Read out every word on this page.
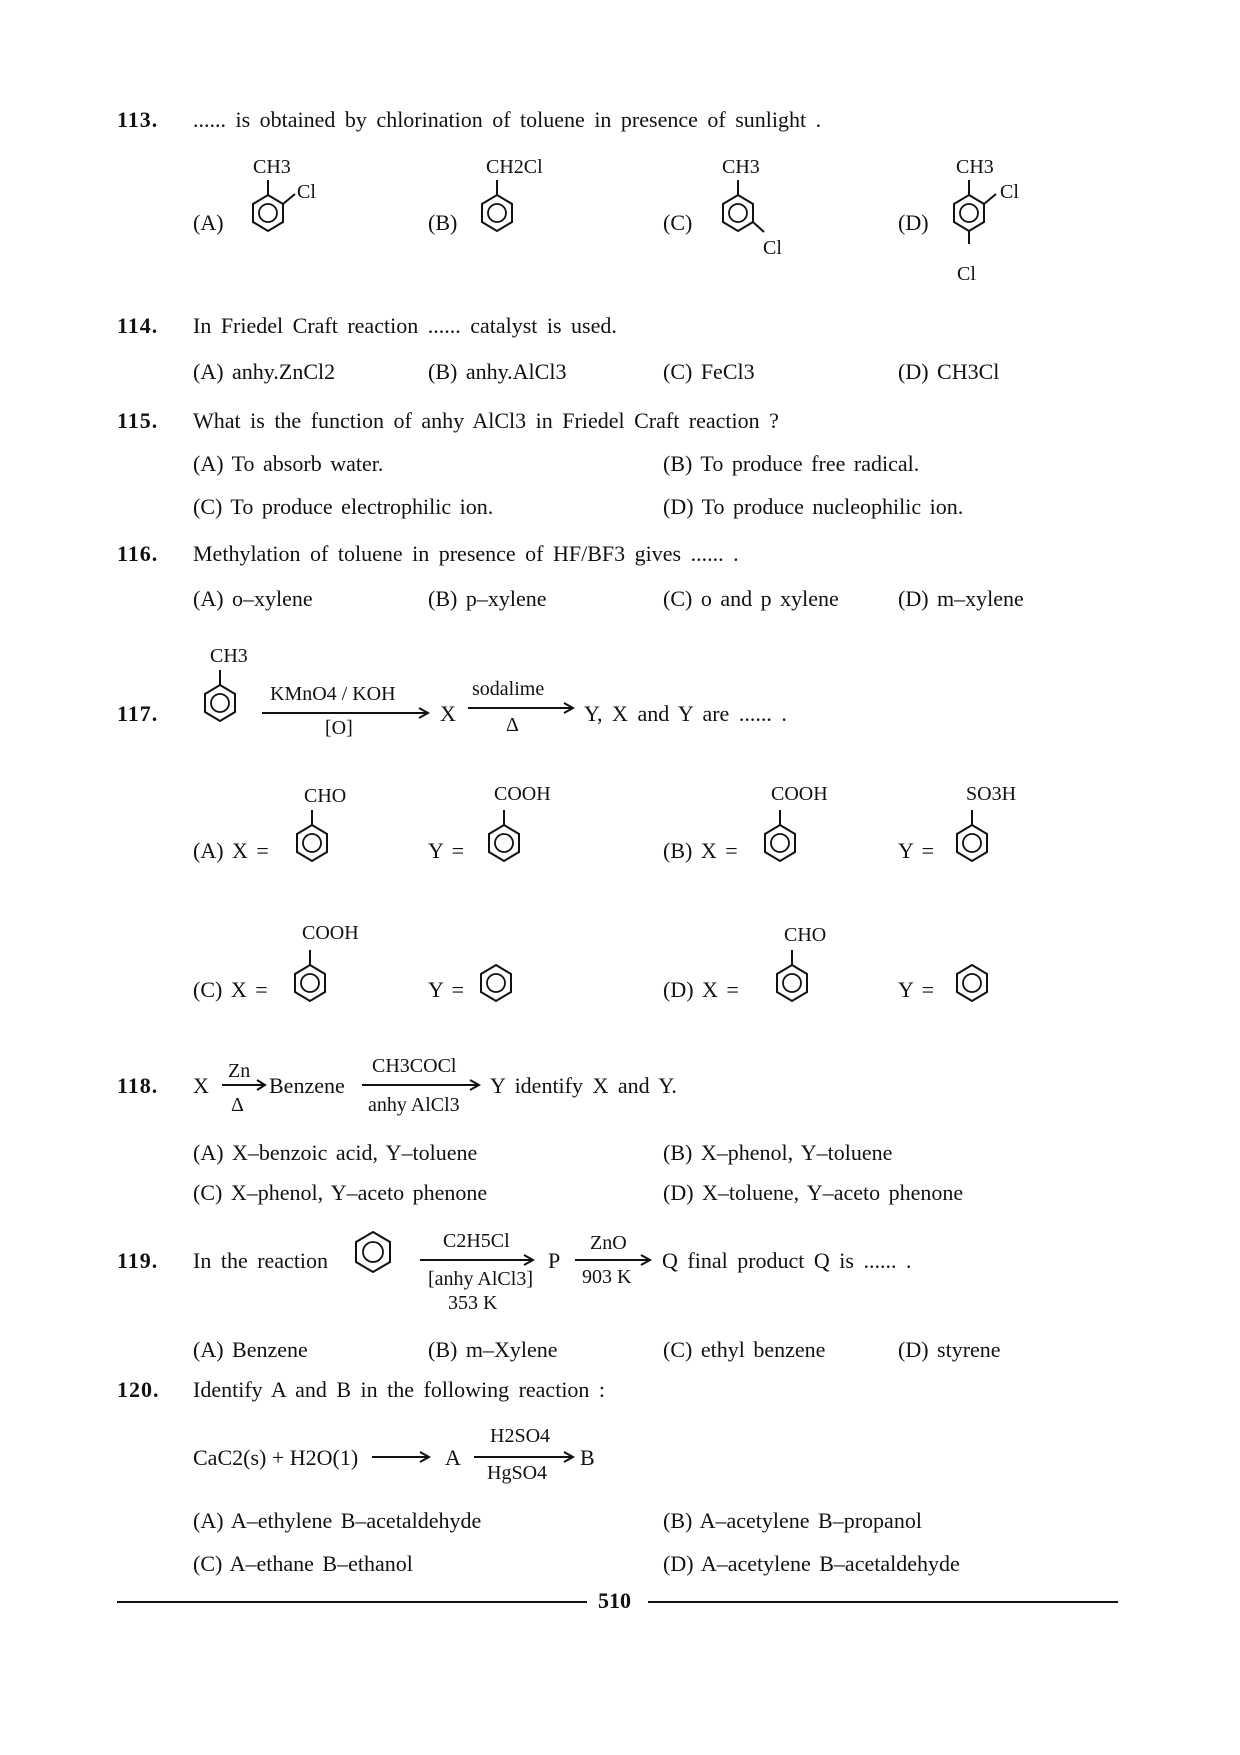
113. ...... is obtained by chlorination of toluene in presence of sunlight .
(A)
CH3
Cl
(B)
CH2Cl
(C)
CH3
Cl
(D)
CH3
Cl
Cl
114. In Friedel Craft reaction ...... catalyst is used.
(A) anhy.ZnCl2	(B) anhy.AlCl3	(C) FeCl3	(D) CH3Cl
115. What is the function of anhy AlCl3 in Friedel Craft reaction ?
(A) To absorb water.	(B) To produce free radical.
(C) To produce electrophilic ion.	(D) To produce nucleophilic ion.
116. Methylation of toluene in presence of HF/BF3 gives ...... .
(A) o–xylene	(B) p–xylene	(C) o and p xylene	(D) m–xylene
117.
CH3
KMnO4 / KOH
[O]
X
sodalime
Δ	Y, X and Y are ...... .
(A) X =
CHO
Y =
COOH
(B) X =
COOH
Y =
SO3H
(C) X =
COOH
Y =	(D) X =
CHO
Y =
118. X
Zn
Δ
Benzene
CH3COCl
anhy AlCl3
Y identify X and Y.
(A) X–benzoic acid, Y–toluene	(B) X–phenol, Y–toluene
(C) X–phenol, Y–aceto phenone	(D) X–toluene, Y–aceto phenone
119. In the reaction
C2H5Cl
[anhy AlCl3]
353 K
P
ZnO
903 K
Q final product Q is ...... .
(A) Benzene	(B) m–Xylene	(C) ethyl benzene	(D) styrene
120. Identify A and B in the following reaction :
CaC2(s) + H2O(1)	A
H2SO4
HgSO4
B
(A) A–ethylene B–acetaldehyde	(B) A–acetylene B–propanol
(C) A–ethane B–ethanol	(D) A–acetylene B–acetaldehyde
510
